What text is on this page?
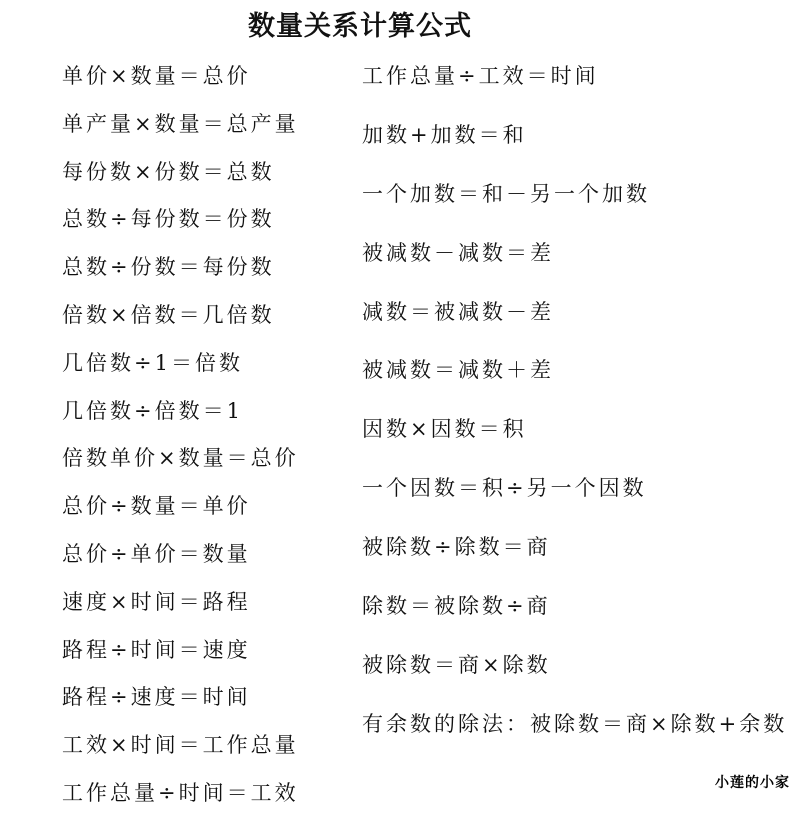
数量关系计算公式
单价×数量＝总价
单产量×数量＝总产量
每份数×份数＝总数
总数÷每份数＝份数
总数÷份数＝每份数
倍数×倍数＝几倍数
几倍数÷1＝倍数
几倍数÷倍数＝1
倍数单价×数量＝总价
总价÷数量＝单价
总价÷单价＝数量
速度×时间＝路程
路程÷时间＝速度
路程÷速度＝时间
工效×时间＝工作总量
工作总量÷时间＝工效
工作总量÷工效＝时间
加数+加数＝和
一个加数＝和－另一个加数
被减数－减数＝差
减数＝被减数－差
被减数＝减数＋差
因数×因数＝积
一个因数＝积÷另一个因数
被除数÷除数＝商
除数＝被除数÷商
被除数＝商×除数
有余数的除法：被除数＝商×除数+余数
小莲的小家
